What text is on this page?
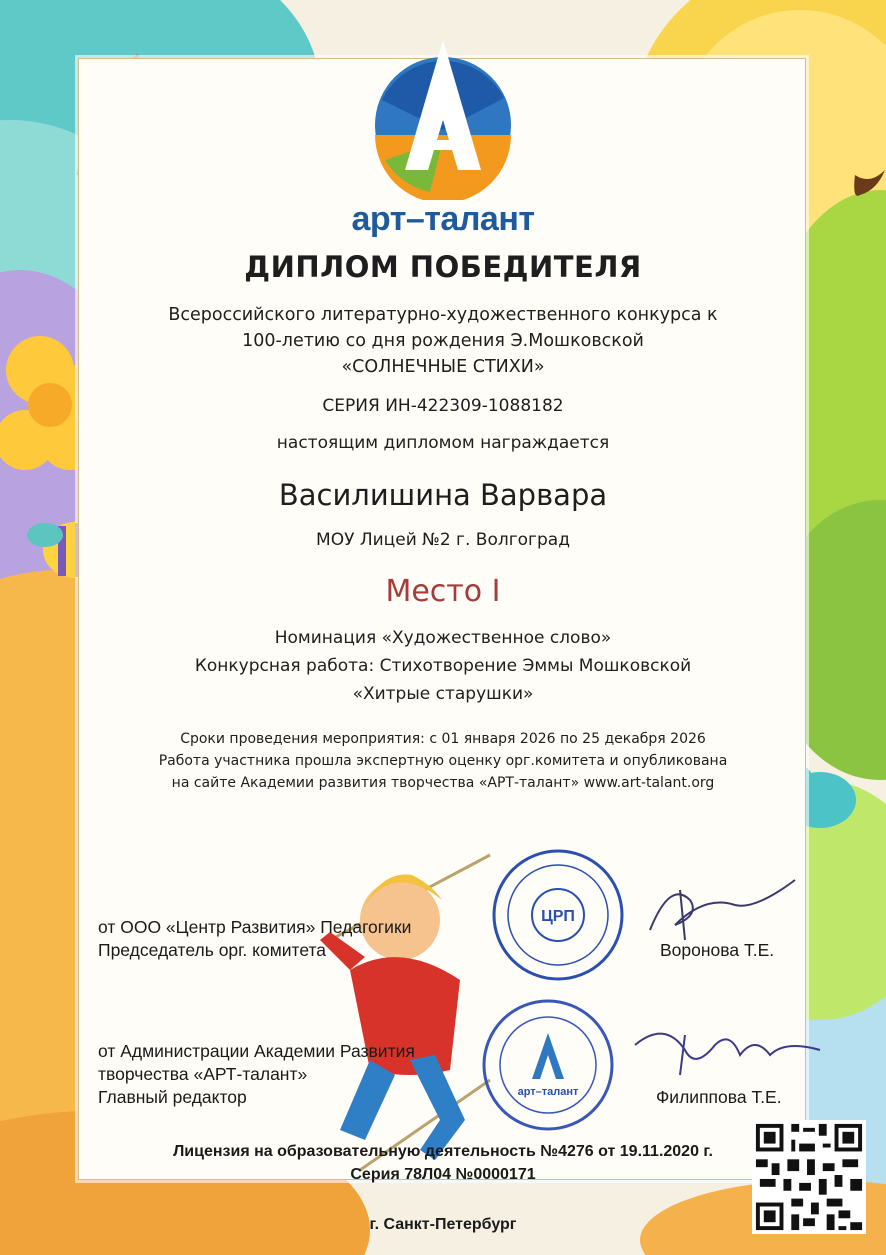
арт–талант
ДИПЛОМ ПОБЕДИТЕЛЯ
Всероссийского литературно-художественного конкурса к
100-летию со дня рождения Э.Мошковской
«СОЛНЕЧНЫЕ СТИХИ»
СЕРИЯ ИН-422309-1088182
настоящим дипломом награждается
Василишина Варвара
МОУ Лицей №2 г. Волгоград
Место I
Номинация «Художественное слово»
Конкурсная работа: Стихотворение Эммы Мошковской
«Хитрые старушки»
Сроки проведения мероприятия: с 01 января 2026 по 25 декабря 2026
Работа участника прошла экспертную оценку орг.комитета и опубликована
на сайте Академии развития творчества «АРТ-талант» www.art-talant.org
ЦРП
арт–талант
от ООО «Центр Развития» Педагогики
Председатель орг. комитета	Воронова Т.Е.
от Администрации Академии Развития
творчества «АРТ-талант»
Главный редактор	Филиппова Т.Е.
Лицензия на образовательную деятельность №4276 от 19.11.2020 г.
Серия 78Л04 №0000171
г. Санкт-Петербург
